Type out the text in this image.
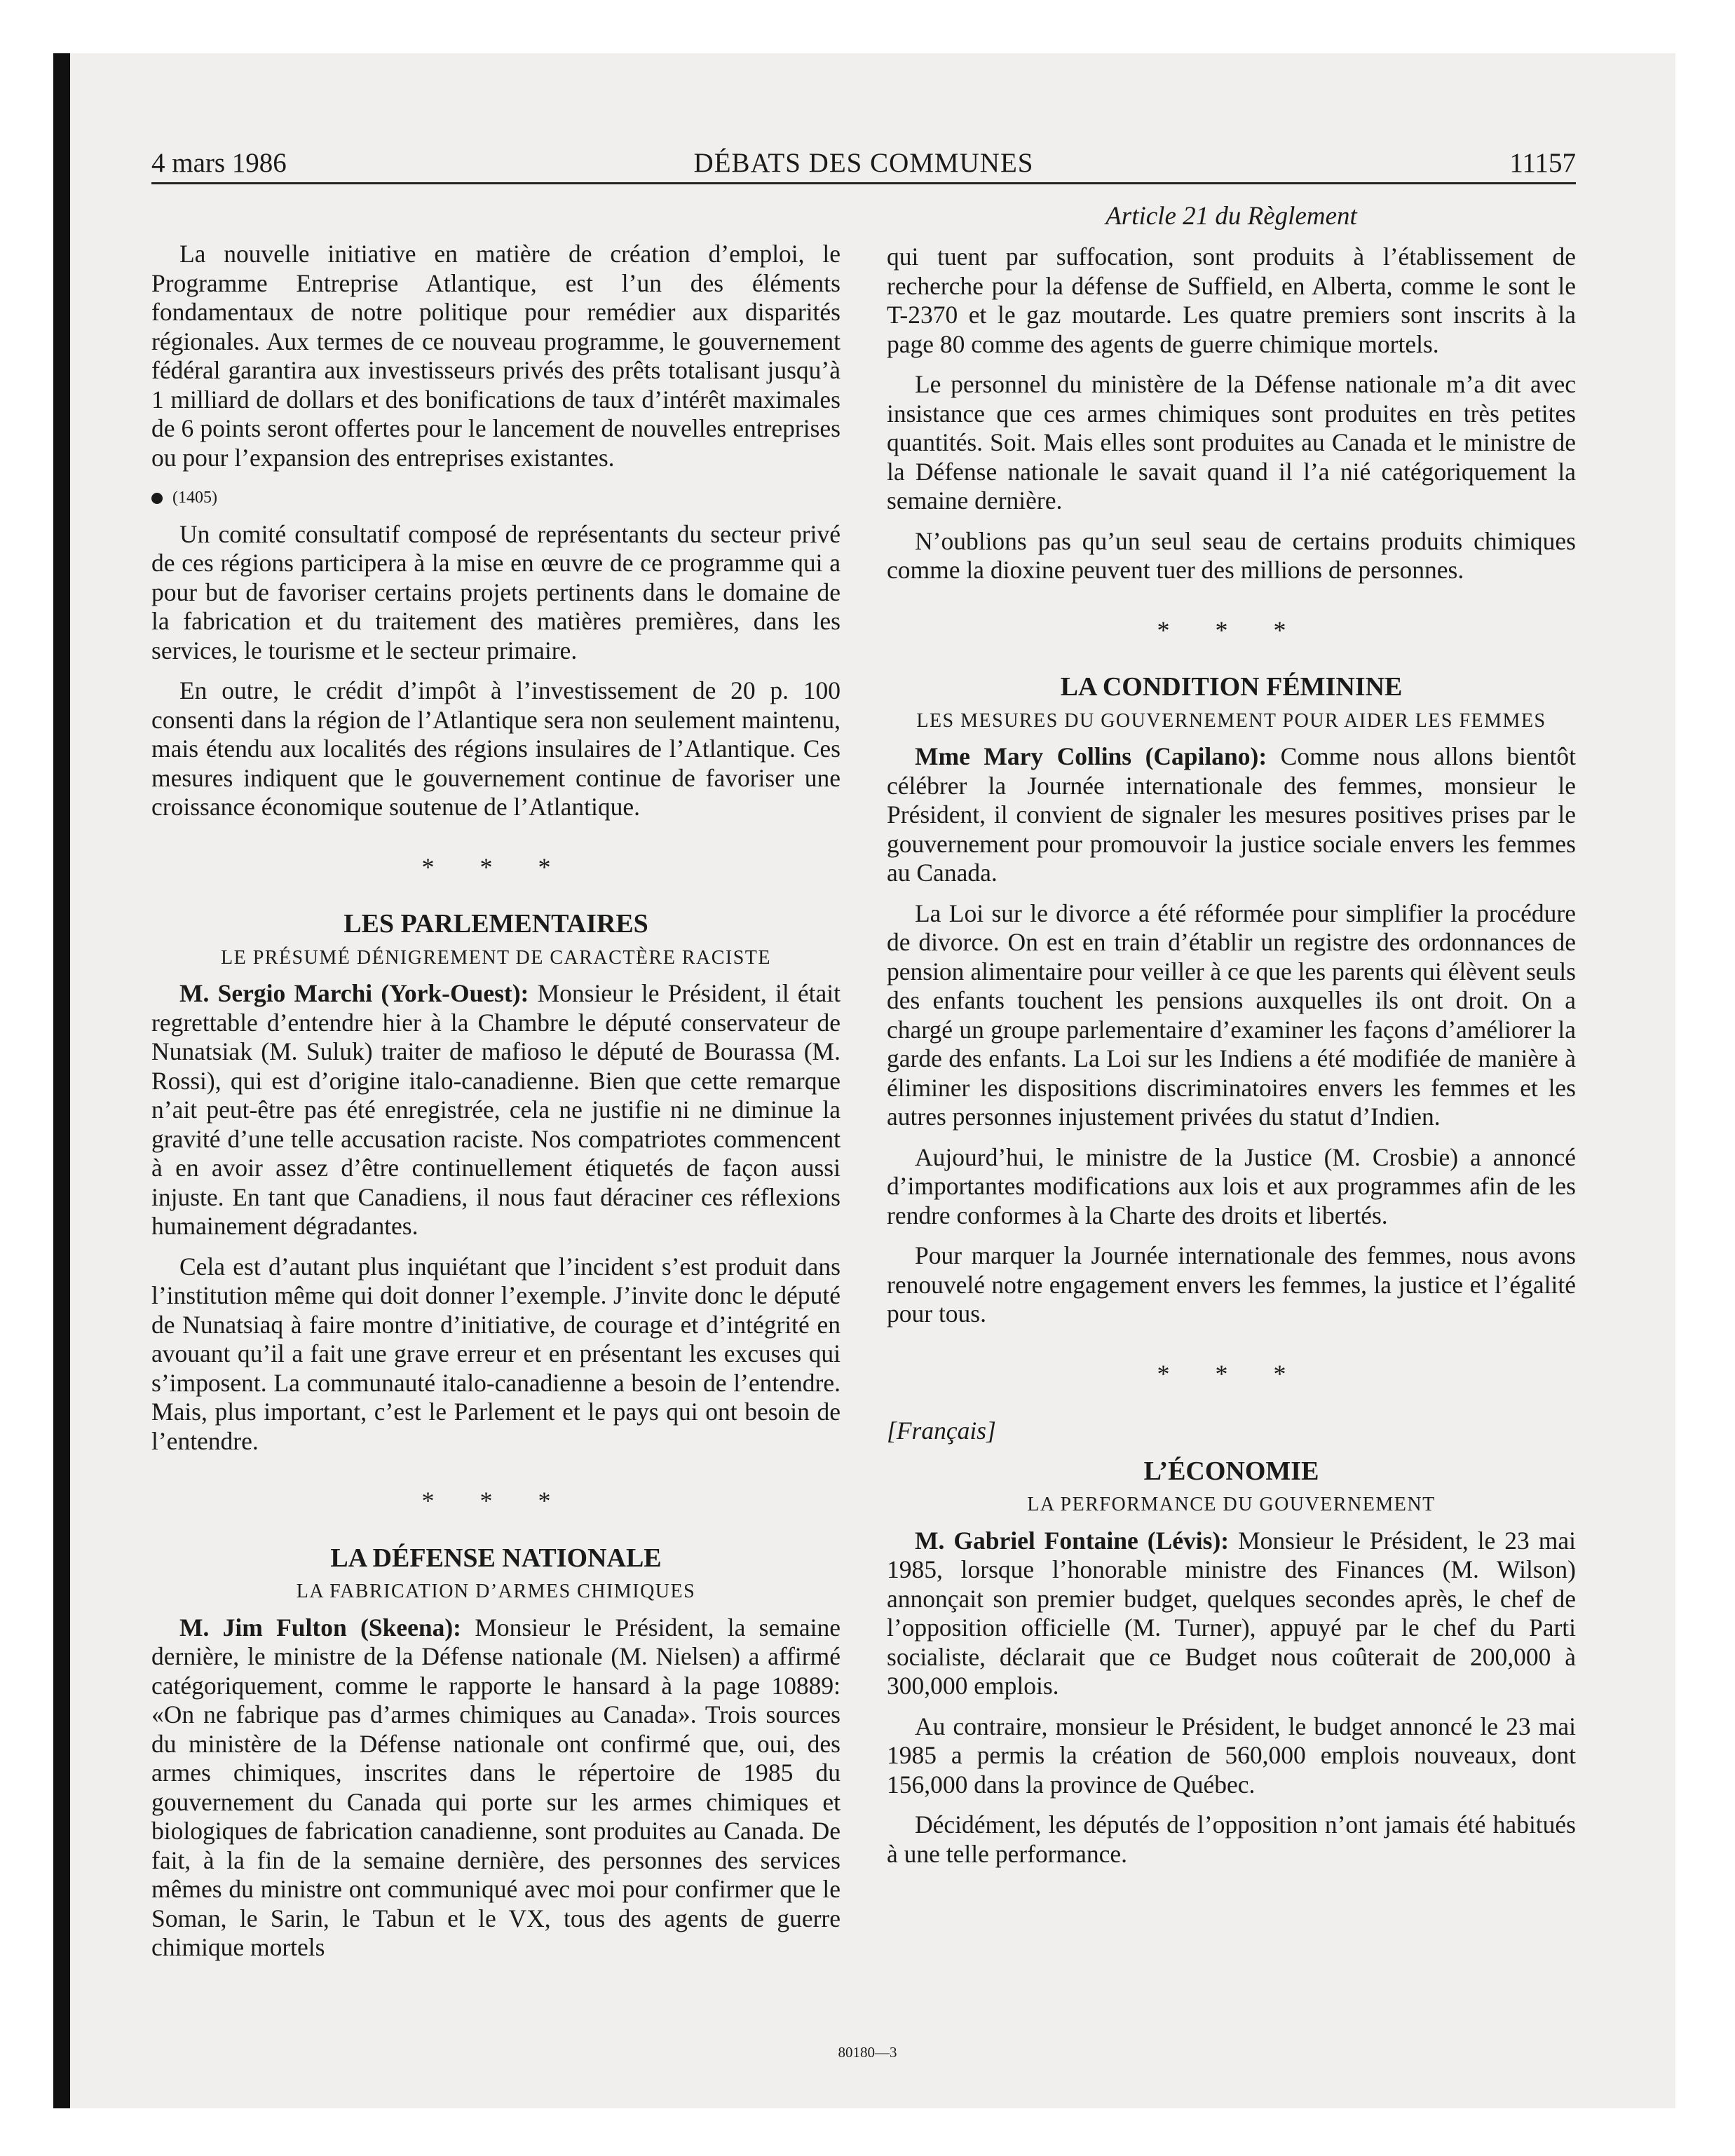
4 mars 1986	DÉBATS DES COMMUNES	11157
Article 21 du Règlement

La nouvelle initiative en matière de création d’emploi, le Programme Entreprise Atlantique, est l’un des éléments fondamentaux de notre politique pour remédier aux disparités régionales. Aux termes de ce nouveau programme, le gouvernement fédéral garantira aux investisseurs privés des prêts totalisant jusqu’à 1 milliard de dollars et des bonifications de taux d’intérêt maximales de 6 points seront offertes pour le lancement de nouvelles entreprises ou pour l’expansion des entreprises existantes.

(1405)

Un comité consultatif composé de représentants du secteur privé de ces régions participera à la mise en œuvre de ce programme qui a pour but de favoriser certains projets pertinents dans le domaine de la fabrication et du traitement des matières premières, dans les services, le tourisme et le secteur primaire.

En outre, le crédit d’impôt à l’investissement de 20 p. 100 consenti dans la région de l’Atlantique sera non seulement maintenu, mais étendu aux localités des régions insulaires de l’Atlantique. Ces mesures indiquent que le gouvernement continue de favoriser une croissance économique soutenue de l’Atlantique.

* * *
LES PARLEMENTAIRES
LE PRÉSUMÉ DÉNIGREMENT DE CARACTÈRE RACISTE

M. Sergio Marchi (York-Ouest): Monsieur le Président, il était regrettable d’entendre hier à la Chambre le député conservateur de Nunatsiak (M. Suluk) traiter de mafioso le député de Bourassa (M. Rossi), qui est d’origine italo-canadienne. Bien que cette remarque n’ait peut-être pas été enregistrée, cela ne justifie ni ne diminue la gravité d’une telle accusation raciste. Nos compatriotes commencent à en avoir assez d’être continuellement étiquetés de façon aussi injuste. En tant que Canadiens, il nous faut déraciner ces réflexions humainement dégradantes.

Cela est d’autant plus inquiétant que l’incident s’est produit dans l’institution même qui doit donner l’exemple. J’invite donc le député de Nunatsiaq à faire montre d’initiative, de courage et d’intégrité en avouant qu’il a fait une grave erreur et en présentant les excuses qui s’imposent. La communauté italo-canadienne a besoin de l’entendre. Mais, plus important, c’est le Parlement et le pays qui ont besoin de l’entendre.

* * *
LA DÉFENSE NATIONALE
LA FABRICATION D’ARMES CHIMIQUES

M. Jim Fulton (Skeena): Monsieur le Président, la semaine dernière, le ministre de la Défense nationale (M. Nielsen) a affirmé catégoriquement, comme le rapporte le hansard à la page 10889: «On ne fabrique pas d’armes chimiques au Canada». Trois sources du ministère de la Défense nationale ont confirmé que, oui, des armes chimiques, inscrites dans le répertoire de 1985 du gouvernement du Canada qui porte sur les armes chimiques et biologiques de fabrication canadienne, sont produites au Canada. De fait, à la fin de la semaine dernière, des personnes des services mêmes du ministre ont communiqué avec moi pour confirmer que le Soman, le Sarin, le Tabun et le VX, tous des agents de guerre chimique mortels

qui tuent par suffocation, sont produits à l’établissement de recherche pour la défense de Suffield, en Alberta, comme le sont le T-2370 et le gaz moutarde. Les quatre premiers sont inscrits à la page 80 comme des agents de guerre chimique mortels.

Le personnel du ministère de la Défense nationale m’a dit avec insistance que ces armes chimiques sont produites en très petites quantités. Soit. Mais elles sont produites au Canada et le ministre de la Défense nationale le savait quand il l’a nié catégoriquement la semaine dernière.

N’oublions pas qu’un seul seau de certains produits chimiques comme la dioxine peuvent tuer des millions de personnes.

* * *
LA CONDITION FÉMININE
LES MESURES DU GOUVERNEMENT POUR AIDER LES FEMMES

Mme Mary Collins (Capilano): Comme nous allons bientôt célébrer la Journée internationale des femmes, monsieur le Président, il convient de signaler les mesures positives prises par le gouvernement pour promouvoir la justice sociale envers les femmes au Canada.

La Loi sur le divorce a été réformée pour simplifier la procédure de divorce. On est en train d’établir un registre des ordonnances de pension alimentaire pour veiller à ce que les parents qui élèvent seuls des enfants touchent les pensions auxquelles ils ont droit. On a chargé un groupe parlementaire d’examiner les façons d’améliorer la garde des enfants. La Loi sur les Indiens a été modifiée de manière à éliminer les dispositions discriminatoires envers les femmes et les autres personnes injustement privées du statut d’Indien.

Aujourd’hui, le ministre de la Justice (M. Crosbie) a annoncé d’importantes modifications aux lois et aux programmes afin de les rendre conformes à la Charte des droits et libertés.

Pour marquer la Journée internationale des femmes, nous avons renouvelé notre engagement envers les femmes, la justice et l’égalité pour tous.

* * *
[Français]
L’ÉCONOMIE
LA PERFORMANCE DU GOUVERNEMENT

M. Gabriel Fontaine (Lévis): Monsieur le Président, le 23 mai 1985, lorsque l’honorable ministre des Finances (M. Wilson) annonçait son premier budget, quelques secondes après, le chef de l’opposition officielle (M. Turner), appuyé par le chef du Parti socialiste, déclarait que ce Budget nous coûterait de 200,000 à 300,000 emplois.

Au contraire, monsieur le Président, le budget annoncé le 23 mai 1985 a permis la création de 560,000 emplois nouveaux, dont 156,000 dans la province de Québec.

Décidément, les députés de l’opposition n’ont jamais été habitués à une telle performance.

80180—3
